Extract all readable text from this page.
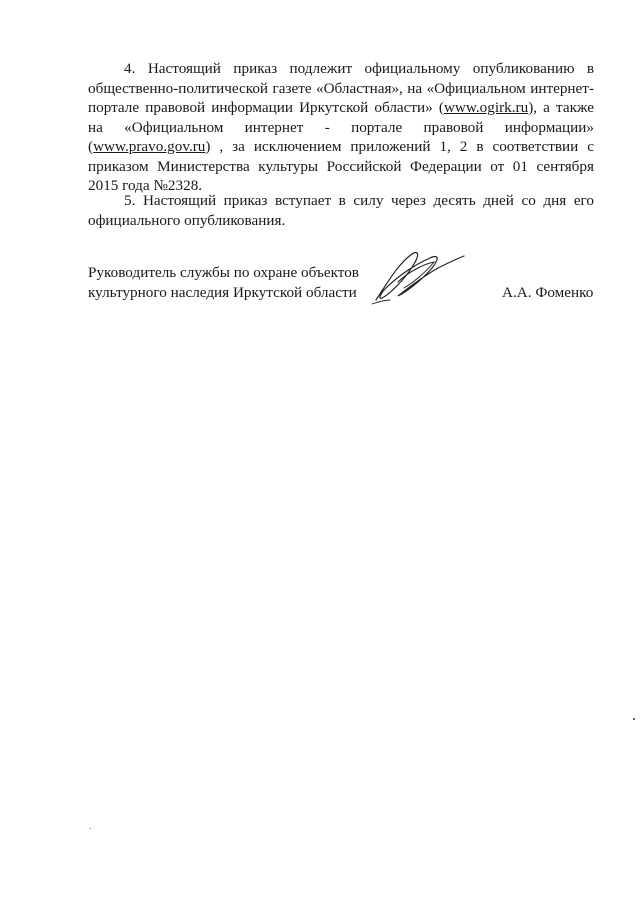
4. Настоящий приказ подлежит официальному опубликованию в общественно-политической газете «Областная», на «Официальном интернет-портале правовой информации Иркутской области» (www.ogirk.ru), а также на «Официальном интернет - портале правовой информации» (www.pravo.gov.ru) , за исключением приложений 1, 2 в соответствии с приказом Министерства культуры Российской Федерации от 01 сентября 2015 года №2328.

5. Настоящий приказ вступает в силу через десять дней со дня его официального опубликования.

Руководитель службы по охране объектов
культурного наследия Иркутской области	А.А. Фоменко
